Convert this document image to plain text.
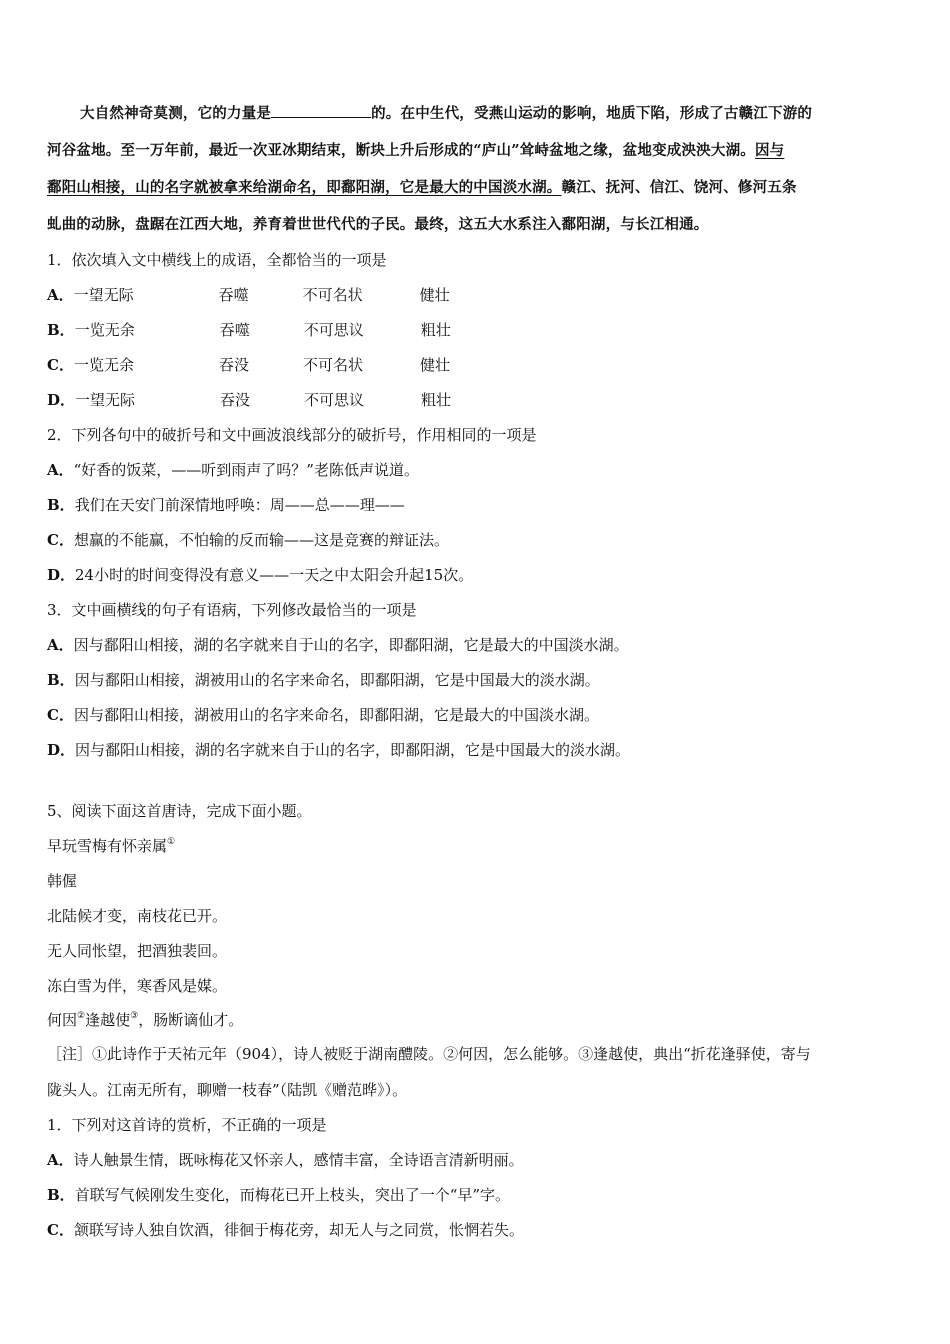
大自然神奇莫测，它的力量是	的。在中生代，受燕山运动的影响，地质下陷，形成了古赣江下游的
河谷盆地。至一万年前，最近一次亚冰期结束，断块上升后形成的“庐山”耸峙盆地之缘，盆地变成泱泱大湖。因与
鄱阳山相接，山的名字就被拿来给湖命名，即鄱阳湖，它是最大的中国淡水湖。赣江、抚河、信江、饶河、修河五条
虬曲的动脉，盘踞在江西大地，养育着世世代代的子民。最终，这五大水系注入鄱阳湖，与长江相通。
1．依次填入文中横线上的成语，全都恰当的一项是
A．一望无际	吞噬	不可名状	健壮
B．一览无余	吞噬	不可思议	粗壮
C．一览无余	吞没	不可名状	健壮
D．一望无际	吞没	不可思议	粗壮
2．下列各句中的破折号和文中画波浪线部分的破折号，作用相同的一项是
A．“好香的饭菜，——听到雨声了吗？”老陈低声说道。
B．我们在天安门前深情地呼唤：周——总——理——
C．想赢的不能赢，不怕输的反而输——这是竞赛的辩证法。
D．24小时的时间变得没有意义——一天之中太阳会升起15次。
3．文中画横线的句子有语病，下列修改最恰当的一项是
A．因与鄱阳山相接，湖的名字就来自于山的名字，即鄱阳湖，它是最大的中国淡水湖。
B．因与鄱阳山相接，湖被用山的名字来命名，即鄱阳湖，它是中国最大的淡水湖。
C．因与鄱阳山相接，湖被用山的名字来命名，即鄱阳湖，它是最大的中国淡水湖。
D．因与鄱阳山相接，湖的名字就来自于山的名字，即鄱阳湖，它是中国最大的淡水湖。
5、阅读下面这首唐诗，完成下面小题。
早玩雪梅有怀亲属①
韩偓
北陆候才变，南枝花已开。
无人同怅望，把酒独裴回。
冻白雪为伴，寒香风是媒。
何因②逢越使③，肠断谪仙才。
［注］①此诗作于天祐元年（904），诗人被贬于湖南醴陵。②何因，怎么能够。③逢越使，典出“折花逢驿使，寄与
陇头人。江南无所有，聊赠一枝春”（陆凯《赠范晔》）。
1．下列对这首诗的赏析，不正确的一项是
A．诗人触景生情，既咏梅花又怀亲人，感情丰富，全诗语言清新明丽。
B．首联写气候刚发生变化，而梅花已开上枝头，突出了一个“早”字。
C．颔联写诗人独自饮酒，徘徊于梅花旁，却无人与之同赏，怅惘若失。
